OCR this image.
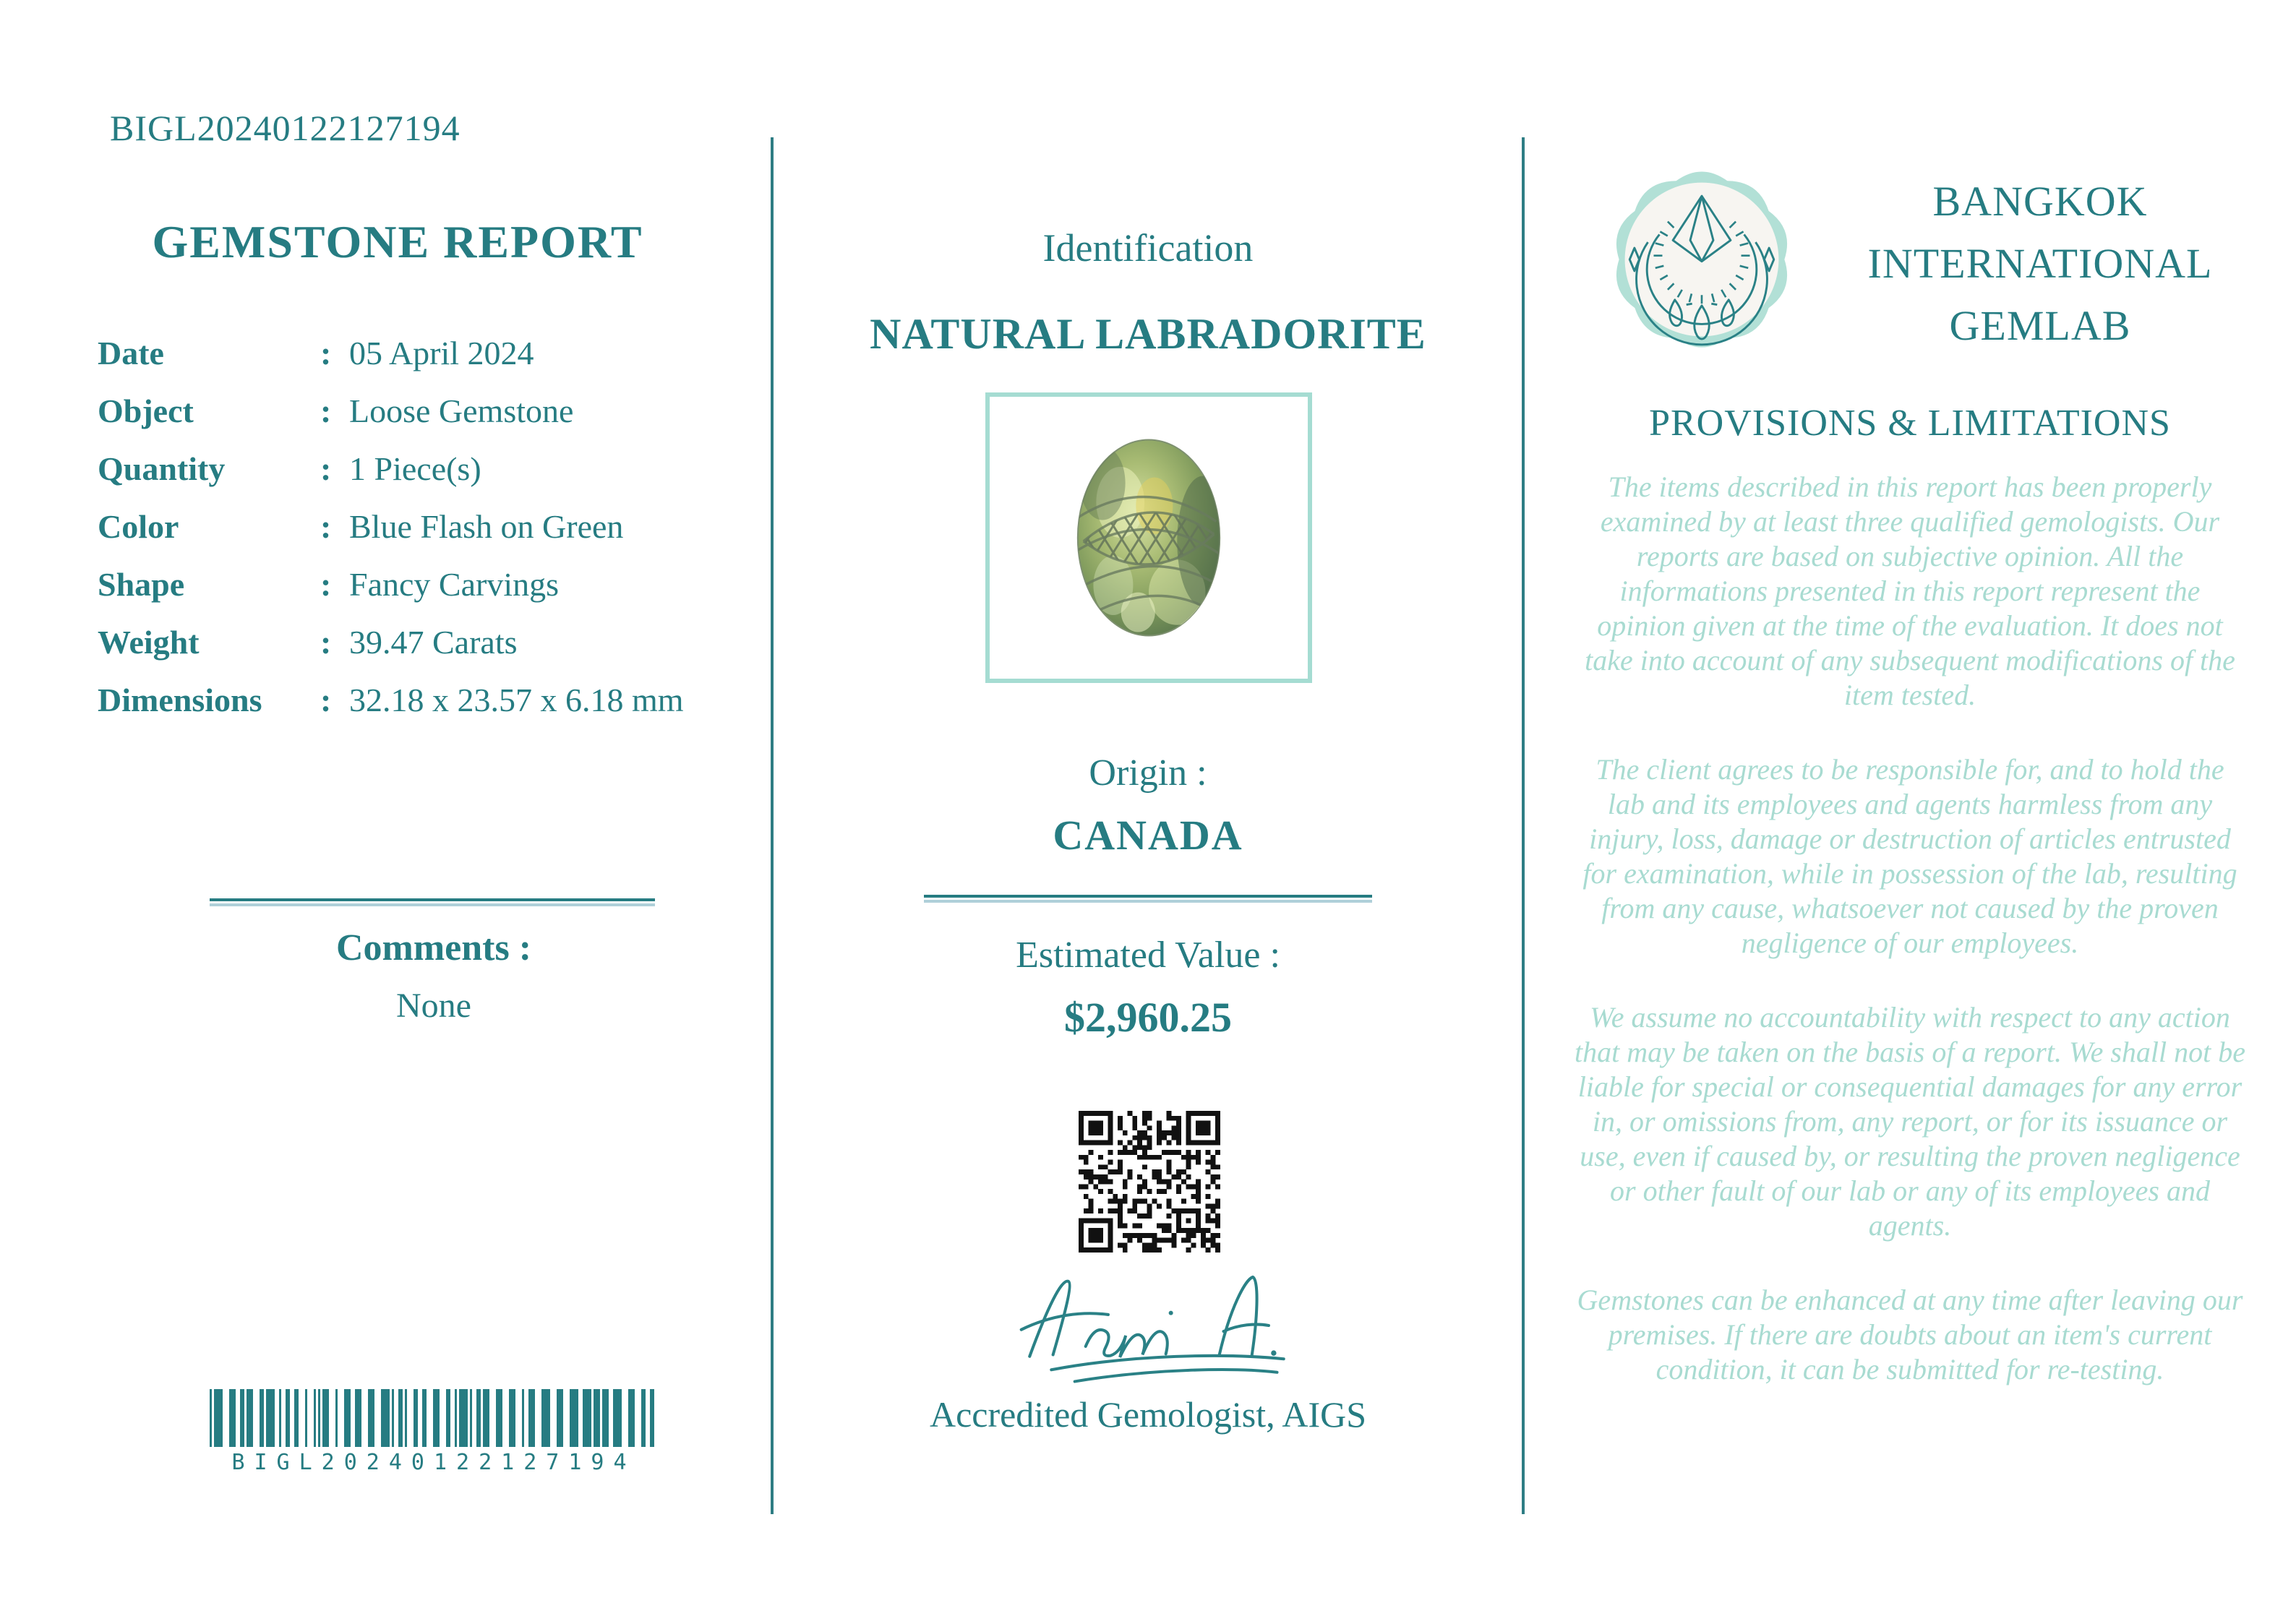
BIGL20240122127194
GEMSTONE REPORT
Date	: 05 April 2024
Object	: Loose Gemstone
Quantity	: 1 Piece(s)
Color	: Blue Flash on Green
Shape	: Fancy Carvings
Weight	: 39.47 Carats
Dimensions	: 32.18 x 23.57 x 6.18 mm
Comments :
None
BIGL20240122127194
Identification
NATURAL LABRADORITE
Origin :
CANADA
Estimated Value :
$2,960.25
Accredited Gemologist, AIGS
BANGKOK
INTERNATIONAL
GEMLAB
PROVISIONS & LIMITATIONS

The items described in this report has been properly examined by at least three qualified gemologists. Our reports are based on subjective opinion. All the informations presented in this report represent the opinion given at the time of the evaluation. It does not take into account of any subsequent modifications of the item tested.

The client agrees to be responsible for, and to hold the lab and its employees and agents harmless from any injury, loss, damage or destruction of articles entrusted for examination, while in possession of the lab, resulting from any cause, whatsoever not caused by the proven negligence of our employees.

We assume no accountability with respect to any action that may be taken on the basis of a report. We shall not be liable for special or consequential damages for any error in, or omissions from, any report, or for its issuance or use, even if caused by, or resulting the proven negligence or other fault of our lab or any of its employees and agents.

Gemstones can be enhanced at any time after leaving our premises. If there are doubts about an item's current condition, it can be submitted for re-testing.
